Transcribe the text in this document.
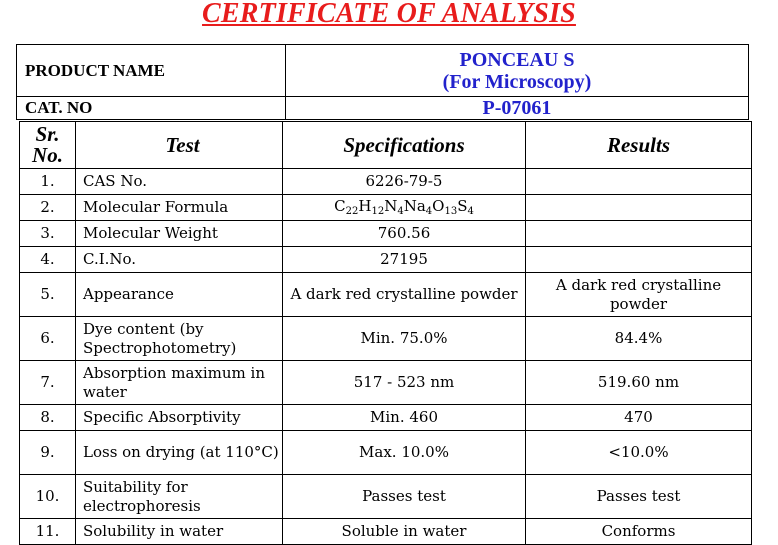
CERTIFICATE OF ANALYSIS
PRODUCT NAME	PONCEAU S
(For Microscopy)

CAT. NO	P-07061
Sr. No.	Test	Specifications	Results
1.	CAS No.	6226-79-5	
2.	Molecular Formula	$C_{22}H_{12}N_4Na_4O_{13}S_4$	
3.	Molecular Weight	760.56	
4.	C.I.No.	27195	
5.	Appearance	A dark red crystalline powder	A dark red crystalline powder
6.	Dye content (by Spectrophotometry)	Min. 75.0%	84.4%
7.	Absorption maximum in water	517 - 523 nm	519.60 nm
8.	Specific Absorptivity	Min. 460	470
9.	Loss on drying (at 110°C)	Max. 10.0%	<10.0%
10.	Suitability for electrophoresis	Passes test	Passes test
11.	Solubility in water	Soluble in water	Conforms
